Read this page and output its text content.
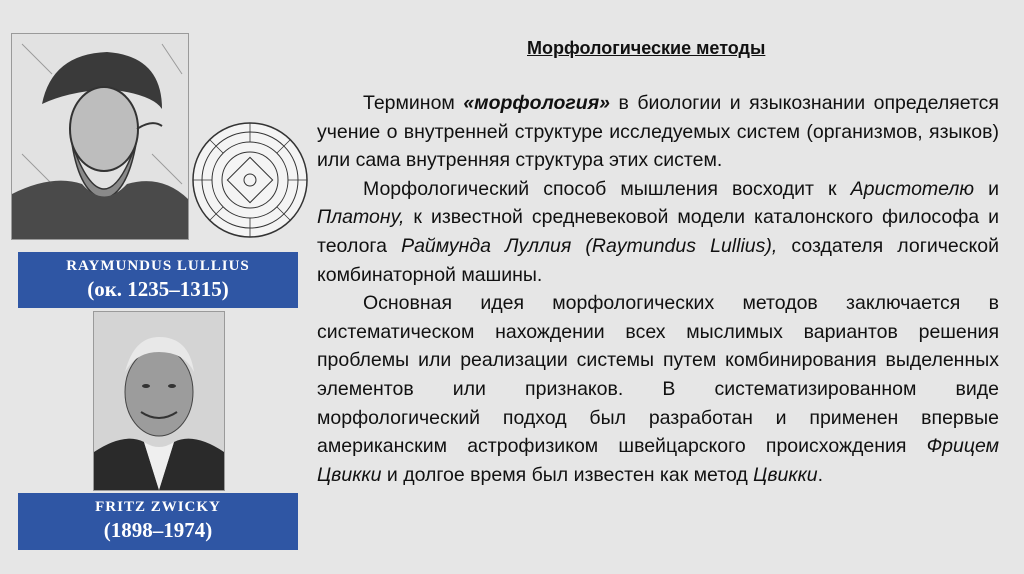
RAYMUNDUS LULLIUS
(ок. 1235–1315)
FRITZ ZWICKY
(1898–1974)
Морфологические методы

Термином «морфология» в биологии и языкознании определяется учение о внутренней структуре исследуемых систем (организмов, языков) или сама внутренняя структура этих систем.

Морфологический способ мышления восходит к Аристотелю и Платону, к известной средневековой модели каталонского философа и теолога Раймунда Луллия (Raymundus Lullius), создателя логической комбинаторной машины.

Основная идея морфологических методов заключается в систематическом нахождении всех мыслимых вариантов решения проблемы или реализации системы путем комбинирования выделенных элементов или признаков. В систематизированном виде морфологический подход был разработан и применен впервые американским астрофизиком швейцарского происхождения Фрицем Цвикки и долгое время был известен как метод Цвикки.
